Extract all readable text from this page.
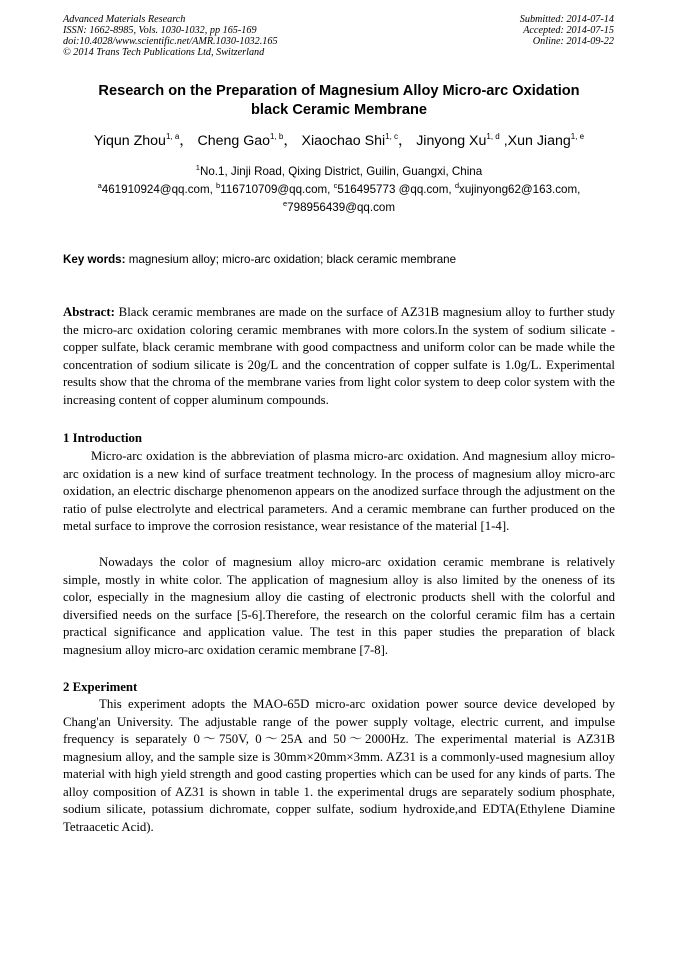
Advanced Materials Research
ISSN: 1662-8985, Vols. 1030-1032, pp 165-169
doi:10.4028/www.scientific.net/AMR.1030-1032.165
© 2014 Trans Tech Publications Ltd, Switzerland
Submitted: 2014-07-14
Accepted: 2014-07-15
Online: 2014-09-22
Research on the Preparation of Magnesium Alloy Micro-arc Oxidation
black Ceramic Membrane
Yiqun Zhou$^{1, a}$， Cheng Gao$^{1, b}$， Xiaochao Shi$^{1, c}$， Jinyong Xu$^{1, d}$ ,Xun Jiang$^{1, e}$
$^1$No.1, Jinji Road, Qixing District, Guilin, Guangxi, China
$^a$461910924@qq.com, $^b$116710709@qq.com, $^c$516495773 @qq.com, $^d$xujinyong62@163.com,
$^e$798956439@qq.com
Key words: magnesium alloy; micro-arc oxidation; black ceramic membrane
Abstract: Black ceramic membranes are made on the surface of AZ31B magnesium alloy to further study the micro-arc oxidation coloring ceramic membranes with more colors.In the system of sodium silicate - copper sulfate, black ceramic membrane with good compactness and uniform color can be made while the concentration of sodium silicate is 20g/L and the concentration of copper sulfate is 1.0g/L. Experimental results show that the chroma of the membrane varies from light color system to deep color system with the increasing content of copper aluminum compounds.
1 Introduction
Micro-arc oxidation is the abbreviation of plasma micro-arc oxidation. And magnesium alloy micro-arc oxidation is a new kind of surface treatment technology. In the process of magnesium alloy micro-arc oxidation, an electric discharge phenomenon appears on the anodized surface through the adjustment on the ratio of pulse electrolyte and electrical parameters. And a ceramic membrane can further produced on the metal surface to improve the corrosion resistance, wear resistance of the material [1-4].
Nowadays the color of magnesium alloy micro-arc oxidation ceramic membrane is relatively simple, mostly in white color. The application of magnesium alloy is also limited by the oneness of its color, especially in the magnesium alloy die casting of electronic products shell with the colorful and diversified needs on the surface [5-6].Therefore, the research on the colorful ceramic film has a certain practical significance and application value. The test in this paper studies the preparation of black magnesium alloy micro-arc oxidation ceramic membrane [7-8].
2 Experiment
This experiment adopts the MAO-65D micro-arc oxidation power source device developed by Chang'an University. The adjustable range of the power supply voltage, electric current, and impulse frequency is separately 0～750V, 0～25A and 50～2000Hz. The experimental material is AZ31B magnesium alloy, and the sample size is 30mm×20mm×3mm. AZ31 is a commonly-used magnesium alloy material with high yield strength and good casting properties which can be used for any kinds of parts. The alloy composition of AZ31 is shown in table 1. the experimental drugs are separately sodium phosphate, sodium silicate, potassium dichromate, copper sulfate, sodium hydroxide,and EDTA(Ethylene Diamine Tetraacetic Acid).
